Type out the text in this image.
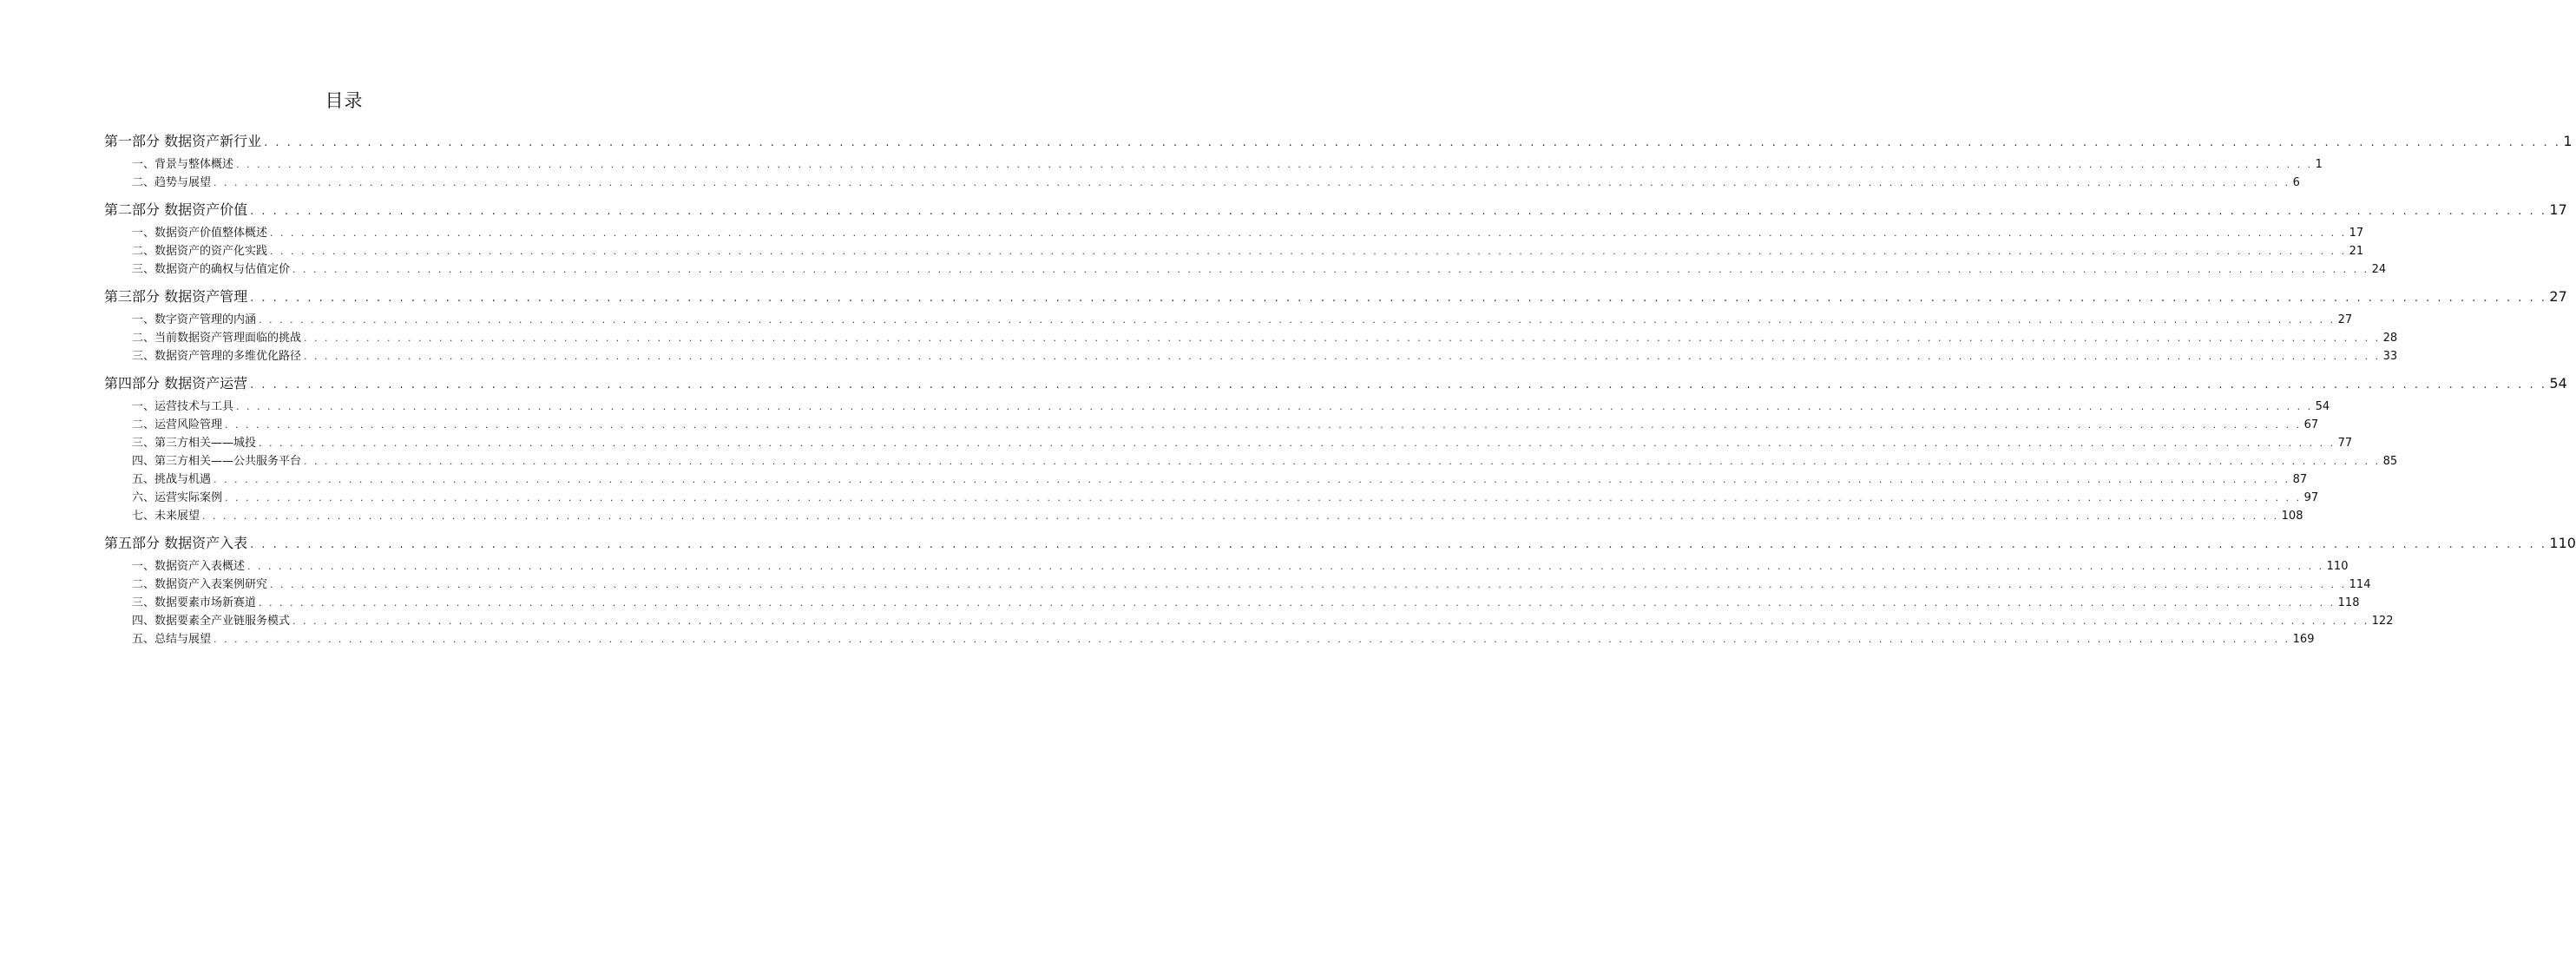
目录
第一部分 数据资产新行业 . . . . . . . . . . . . . . . . . . . . . . . . . . . . . . . . . . . . . . . . . . . . . . . . . . . . . . . . . . . . . . . . . . . . . . . . . . . . . . . . . . . . . . . . . . . . . . . . . . . . . . . . . . . . . . . . . . . . . . . . . . . . . . . . . . . . . . . . . . . . . . . . . . . . . . . . . . . . . . . . . . . . . . . . . . . . . . . . . . . . . . . . . . . . . . . . . . . . . . . . 1
一、背景与整体概述 . . . . . . . . . . . . . . . . . . . . . . . . . . . . . . . . . . . . . . . . . . . . . . . . . . . . . . . . . . . . . . . . . . . . . . . . . . . . . . . . . . . . . . . . . . . . . . . . . . . . . . . . . . . . . . . . . . . . . . . . . . . . . . . . . . . . . . . . . . . . . . . . . . . . . . . . . . . . . . . . . . . . . . . . . . . . . . . . . . . . . . . . . . . . . . . . . . . . . . . . 1
二、趋势与展望 . . . . . . . . . . . . . . . . . . . . . . . . . . . . . . . . . . . . . . . . . . . . . . . . . . . . . . . . . . . . . . . . . . . . . . . . . . . . . . . . . . . . . . . . . . . . . . . . . . . . . . . . . . . . . . . . . . . . . . . . . . . . . . . . . . . . . . . . . . . . . . . . . . . . . . . . . . . . . . . . . . . . . . . . . . . . . . . . . . . . . . . . . . . . . . . . . . . . . . . . 6
第二部分 数据资产价值 . . . . . . . . . . . . . . . . . . . . . . . . . . . . . . . . . . . . . . . . . . . . . . . . . . . . . . . . . . . . . . . . . . . . . . . . . . . . . . . . . . . . . . . . . . . . . . . . . . . . . . . . . . . . . . . . . . . . . . . . . . . . . . . . . . . . . . . . . . . . . . . . . . . . . . . . . . . . . . . . . . . . . . . . . . . . . . . . . . . . . . . . . . . . . . . . . . . . . . . . 17
一、数据资产价值整体概述 . . . . . . . . . . . . . . . . . . . . . . . . . . . . . . . . . . . . . . . . . . . . . . . . . . . . . . . . . . . . . . . . . . . . . . . . . . . . . . . . . . . . . . . . . . . . . . . . . . . . . . . . . . . . . . . . . . . . . . . . . . . . . . . . . . . . . . . . . . . . . . . . . . . . . . . . . . . . . . . . . . . . . . . . . . . . . . . . . . . . . . . . . . . . . . . . . . . . . . . . 17
二、数据资产的资产化实践 . . . . . . . . . . . . . . . . . . . . . . . . . . . . . . . . . . . . . . . . . . . . . . . . . . . . . . . . . . . . . . . . . . . . . . . . . . . . . . . . . . . . . . . . . . . . . . . . . . . . . . . . . . . . . . . . . . . . . . . . . . . . . . . . . . . . . . . . . . . . . . . . . . . . . . . . . . . . . . . . . . . . . . . . . . . . . . . . . . . . . . . . . . . . . . . . . . . . . . . . 21
三、数据资产的确权与估值定价 . . . . . . . . . . . . . . . . . . . . . . . . . . . . . . . . . . . . . . . . . . . . . . . . . . . . . . . . . . . . . . . . . . . . . . . . . . . . . . . . . . . . . . . . . . . . . . . . . . . . . . . . . . . . . . . . . . . . . . . . . . . . . . . . . . . . . . . . . . . . . . . . . . . . . . . . . . . . . . . . . . . . . . . . . . . . . . . . . . . . . . . . . . . . . . . . . . . . . . . . 24
第三部分 数据资产管理 . . . . . . . . . . . . . . . . . . . . . . . . . . . . . . . . . . . . . . . . . . . . . . . . . . . . . . . . . . . . . . . . . . . . . . . . . . . . . . . . . . . . . . . . . . . . . . . . . . . . . . . . . . . . . . . . . . . . . . . . . . . . . . . . . . . . . . . . . . . . . . . . . . . . . . . . . . . . . . . . . . . . . . . . . . . . . . . . . . . . . . . . . . . . . . . . . . . . . . . . 27
一、数字资产管理的内涵 . . . . . . . . . . . . . . . . . . . . . . . . . . . . . . . . . . . . . . . . . . . . . . . . . . . . . . . . . . . . . . . . . . . . . . . . . . . . . . . . . . . . . . . . . . . . . . . . . . . . . . . . . . . . . . . . . . . . . . . . . . . . . . . . . . . . . . . . . . . . . . . . . . . . . . . . . . . . . . . . . . . . . . . . . . . . . . . . . . . . . . . . . . . . . . . . . . . . . . . . 27
二、当前数据资产管理面临的挑战 . . . . . . . . . . . . . . . . . . . . . . . . . . . . . . . . . . . . . . . . . . . . . . . . . . . . . . . . . . . . . . . . . . . . . . . . . . . . . . . . . . . . . . . . . . . . . . . . . . . . . . . . . . . . . . . . . . . . . . . . . . . . . . . . . . . . . . . . . . . . . . . . . . . . . . . . . . . . . . . . . . . . . . . . . . . . . . . . . . . . . . . . . . . . . . . . . . . . . . . . 28
三、数据资产管理的多维优化路径 . . . . . . . . . . . . . . . . . . . . . . . . . . . . . . . . . . . . . . . . . . . . . . . . . . . . . . . . . . . . . . . . . . . . . . . . . . . . . . . . . . . . . . . . . . . . . . . . . . . . . . . . . . . . . . . . . . . . . . . . . . . . . . . . . . . . . . . . . . . . . . . . . . . . . . . . . . . . . . . . . . . . . . . . . . . . . . . . . . . . . . . . . . . . . . . . . . . . . . . . 33
第四部分 数据资产运营 . . . . . . . . . . . . . . . . . . . . . . . . . . . . . . . . . . . . . . . . . . . . . . . . . . . . . . . . . . . . . . . . . . . . . . . . . . . . . . . . . . . . . . . . . . . . . . . . . . . . . . . . . . . . . . . . . . . . . . . . . . . . . . . . . . . . . . . . . . . . . . . . . . . . . . . . . . . . . . . . . . . . . . . . . . . . . . . . . . . . . . . . . . . . . . . . . . . . . . . . 54
一、运营技术与工具 . . . . . . . . . . . . . . . . . . . . . . . . . . . . . . . . . . . . . . . . . . . . . . . . . . . . . . . . . . . . . . . . . . . . . . . . . . . . . . . . . . . . . . . . . . . . . . . . . . . . . . . . . . . . . . . . . . . . . . . . . . . . . . . . . . . . . . . . . . . . . . . . . . . . . . . . . . . . . . . . . . . . . . . . . . . . . . . . . . . . . . . . . . . . . . . . . . . . . . . . 54
二、运营风险管理 . . . . . . . . . . . . . . . . . . . . . . . . . . . . . . . . . . . . . . . . . . . . . . . . . . . . . . . . . . . . . . . . . . . . . . . . . . . . . . . . . . . . . . . . . . . . . . . . . . . . . . . . . . . . . . . . . . . . . . . . . . . . . . . . . . . . . . . . . . . . . . . . . . . . . . . . . . . . . . . . . . . . . . . . . . . . . . . . . . . . . . . . . . . . . . . . . . . . . . . . 67
三、第三方相关——城投 . . . . . . . . . . . . . . . . . . . . . . . . . . . . . . . . . . . . . . . . . . . . . . . . . . . . . . . . . . . . . . . . . . . . . . . . . . . . . . . . . . . . . . . . . . . . . . . . . . . . . . . . . . . . . . . . . . . . . . . . . . . . . . . . . . . . . . . . . . . . . . . . . . . . . . . . . . . . . . . . . . . . . . . . . . . . . . . . . . . . . . . . . . . . . . . . . . . . . . . . 77
四、第三方相关——公共服务平台 . . . . . . . . . . . . . . . . . . . . . . . . . . . . . . . . . . . . . . . . . . . . . . . . . . . . . . . . . . . . . . . . . . . . . . . . . . . . . . . . . . . . . . . . . . . . . . . . . . . . . . . . . . . . . . . . . . . . . . . . . . . . . . . . . . . . . . . . . . . . . . . . . . . . . . . . . . . . . . . . . . . . . . . . . . . . . . . . . . . . . . . . . . . . . . . . . . . . . . . . 85
五、挑战与机遇 . . . . . . . . . . . . . . . . . . . . . . . . . . . . . . . . . . . . . . . . . . . . . . . . . . . . . . . . . . . . . . . . . . . . . . . . . . . . . . . . . . . . . . . . . . . . . . . . . . . . . . . . . . . . . . . . . . . . . . . . . . . . . . . . . . . . . . . . . . . . . . . . . . . . . . . . . . . . . . . . . . . . . . . . . . . . . . . . . . . . . . . . . . . . . . . . . . . . . . . . 87
六、运营实际案例 . . . . . . . . . . . . . . . . . . . . . . . . . . . . . . . . . . . . . . . . . . . . . . . . . . . . . . . . . . . . . . . . . . . . . . . . . . . . . . . . . . . . . . . . . . . . . . . . . . . . . . . . . . . . . . . . . . . . . . . . . . . . . . . . . . . . . . . . . . . . . . . . . . . . . . . . . . . . . . . . . . . . . . . . . . . . . . . . . . . . . . . . . . . . . . . . . . . . . . . . 97
七、未来展望 . . . . . . . . . . . . . . . . . . . . . . . . . . . . . . . . . . . . . . . . . . . . . . . . . . . . . . . . . . . . . . . . . . . . . . . . . . . . . . . . . . . . . . . . . . . . . . . . . . . . . . . . . . . . . . . . . . . . . . . . . . . . . . . . . . . . . . . . . . . . . . . . . . . . . . . . . . . . . . . . . . . . . . . . . . . . . . . . . . . . . . . . . . . . . . . . . . . . . . . . 108
第五部分 数据资产入表 . . . . . . . . . . . . . . . . . . . . . . . . . . . . . . . . . . . . . . . . . . . . . . . . . . . . . . . . . . . . . . . . . . . . . . . . . . . . . . . . . . . . . . . . . . . . . . . . . . . . . . . . . . . . . . . . . . . . . . . . . . . . . . . . . . . . . . . . . . . . . . . . . . . . . . . . . . . . . . . . . . . . . . . . . . . . . . . . . . . . . . . . . . . . . . . . . . . . . . . . 110
一、数据资产入表概述 . . . . . . . . . . . . . . . . . . . . . . . . . . . . . . . . . . . . . . . . . . . . . . . . . . . . . . . . . . . . . . . . . . . . . . . . . . . . . . . . . . . . . . . . . . . . . . . . . . . . . . . . . . . . . . . . . . . . . . . . . . . . . . . . . . . . . . . . . . . . . . . . . . . . . . . . . . . . . . . . . . . . . . . . . . . . . . . . . . . . . . . . . . . . . . . . . . . . . . . . 110
二、数据资产入表案例研究 . . . . . . . . . . . . . . . . . . . . . . . . . . . . . . . . . . . . . . . . . . . . . . . . . . . . . . . . . . . . . . . . . . . . . . . . . . . . . . . . . . . . . . . . . . . . . . . . . . . . . . . . . . . . . . . . . . . . . . . . . . . . . . . . . . . . . . . . . . . . . . . . . . . . . . . . . . . . . . . . . . . . . . . . . . . . . . . . . . . . . . . . . . . . . . . . . . . . . . . . 114
三、数据要素市场新赛道 . . . . . . . . . . . . . . . . . . . . . . . . . . . . . . . . . . . . . . . . . . . . . . . . . . . . . . . . . . . . . . . . . . . . . . . . . . . . . . . . . . . . . . . . . . . . . . . . . . . . . . . . . . . . . . . . . . . . . . . . . . . . . . . . . . . . . . . . . . . . . . . . . . . . . . . . . . . . . . . . . . . . . . . . . . . . . . . . . . . . . . . . . . . . . . . . . . . . . . . . 118
四、数据要素全产业链服务模式 . . . . . . . . . . . . . . . . . . . . . . . . . . . . . . . . . . . . . . . . . . . . . . . . . . . . . . . . . . . . . . . . . . . . . . . . . . . . . . . . . . . . . . . . . . . . . . . . . . . . . . . . . . . . . . . . . . . . . . . . . . . . . . . . . . . . . . . . . . . . . . . . . . . . . . . . . . . . . . . . . . . . . . . . . . . . . . . . . . . . . . . . . . . . . . . . . . . . . . . . 122
五、总结与展望 . . . . . . . . . . . . . . . . . . . . . . . . . . . . . . . . . . . . . . . . . . . . . . . . . . . . . . . . . . . . . . . . . . . . . . . . . . . . . . . . . . . . . . . . . . . . . . . . . . . . . . . . . . . . . . . . . . . . . . . . . . . . . . . . . . . . . . . . . . . . . . . . . . . . . . . . . . . . . . . . . . . . . . . . . . . . . . . . . . . . . . . . . . . . . . . . . . . . . . . . 169
